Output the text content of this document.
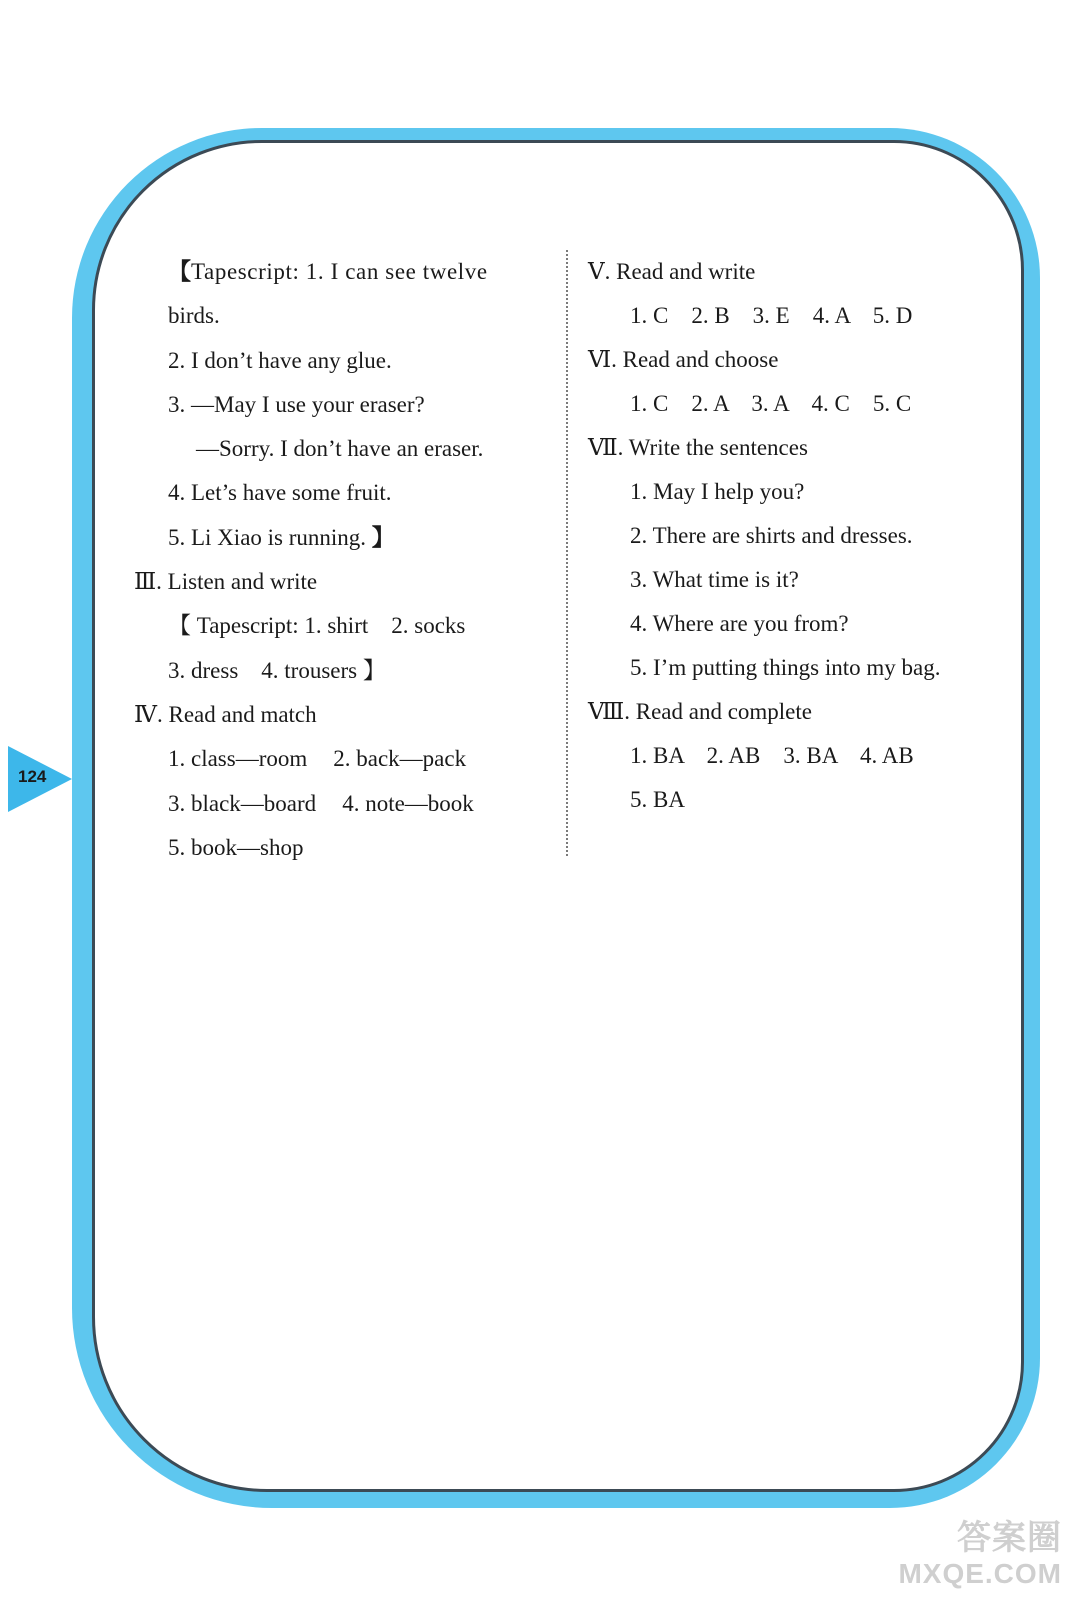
124
【Tapescript: 1. I can see twelve
birds.
2. I don’t have any glue.
3. —May I use your eraser?
—Sorry. I don’t have an eraser.
4. Let’s have some fruit.
5. Li Xiao is running. 】
Ⅲ. Listen and write
【 Tapescript: 1. shirt    2. socks
3. dress    4. trousers 】
Ⅳ. Read and match
1. class—room 2. back—pack
3. black—board 4. note—book
5. book—shop
Ⅴ. Read and write
1. C    2. B    3. E    4. A    5. D
Ⅵ. Read and choose
1. C    2. A    3. A    4. C    5. C
Ⅶ. Write the sentences
1. May I help you?
2. There are shirts and dresses.
3. What time is it?
4. Where are you from?
5. I’m putting things into my bag.
Ⅷ. Read and complete
1. BA    2. AB    3. BA    4. AB
5. BA
答案圈
MXQE.COM
